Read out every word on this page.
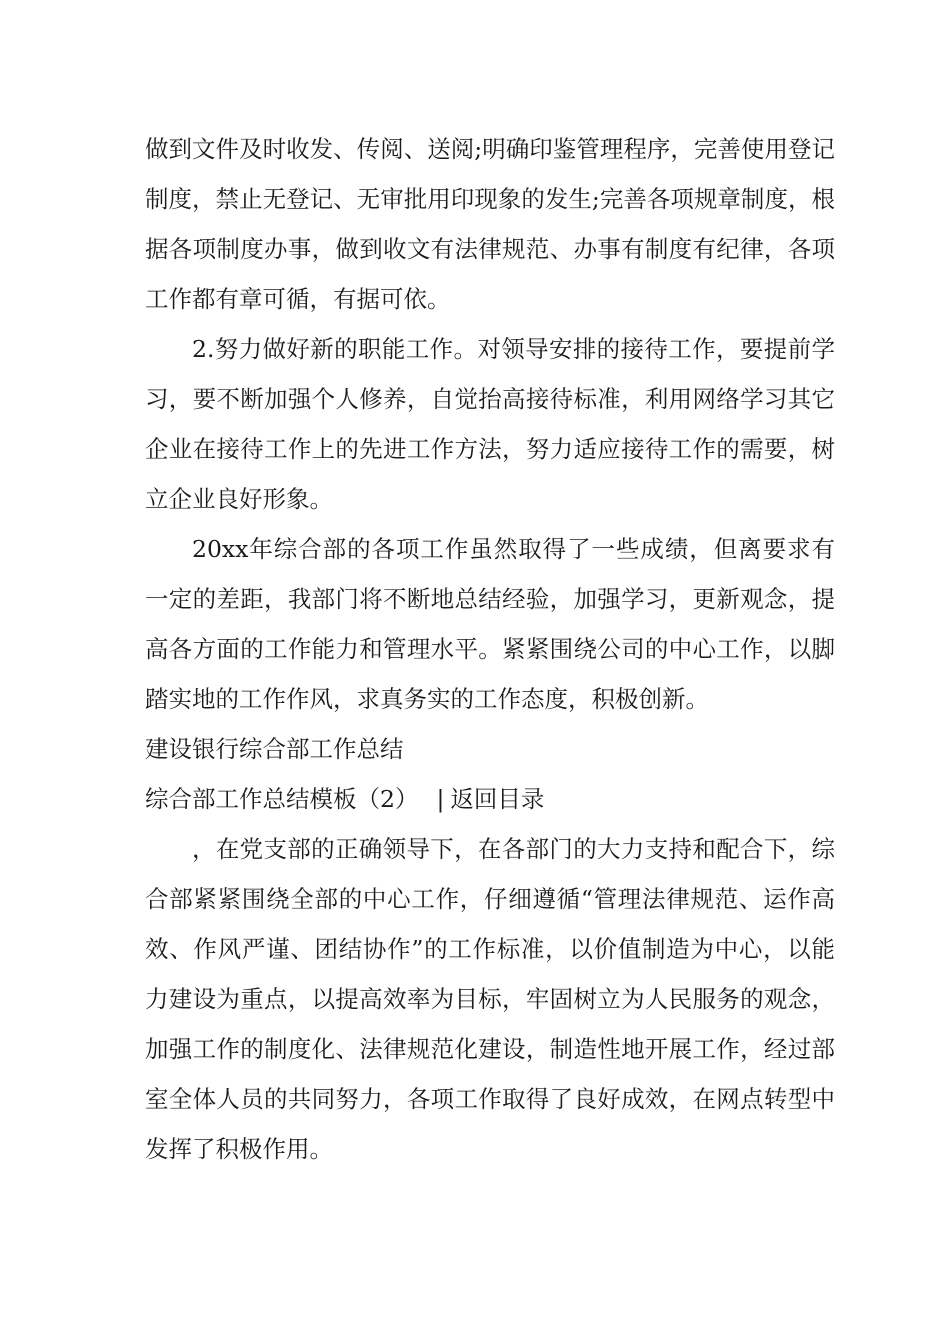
做到文件及时收发、传阅、送阅;明确印鉴管理程序，完善使用登记制度，禁止无登记、无审批用印现象的发生;完善各项规章制度，根据各项制度办事，做到收文有法律规范、办事有制度有纪律，各项工作都有章可循，有据可依。

2.努力做好新的职能工作。对领导安排的接待工作，要提前学习，要不断加强个人修养，自觉抬高接待标准，利用网络学习其它企业在接待工作上的先进工作方法，努力适应接待工作的需要，树立企业良好形象。

20xx年综合部的各项工作虽然取得了一些成绩，但离要求有一定的差距，我部门将不断地总结经验，加强学习，更新观念，提高各方面的工作能力和管理水平。紧紧围绕公司的中心工作，以脚踏实地的工作作风，求真务实的工作态度，积极创新。

建设银行综合部工作总结

综合部工作总结模板（2） | 返回目录

，在党支部的正确领导下，在各部门的大力支持和配合下，综合部紧紧围绕全部的中心工作，仔细遵循“管理法律规范、运作高效、作风严谨、团结协作”的工作标准，以价值制造为中心，以能力建设为重点，以提高效率为目标，牢固树立为人民服务的观念，加强工作的制度化、法律规范化建设，制造性地开展工作，经过部室全体人员的共同努力，各项工作取得了良好成效，在网点转型中发挥了积极作用。
